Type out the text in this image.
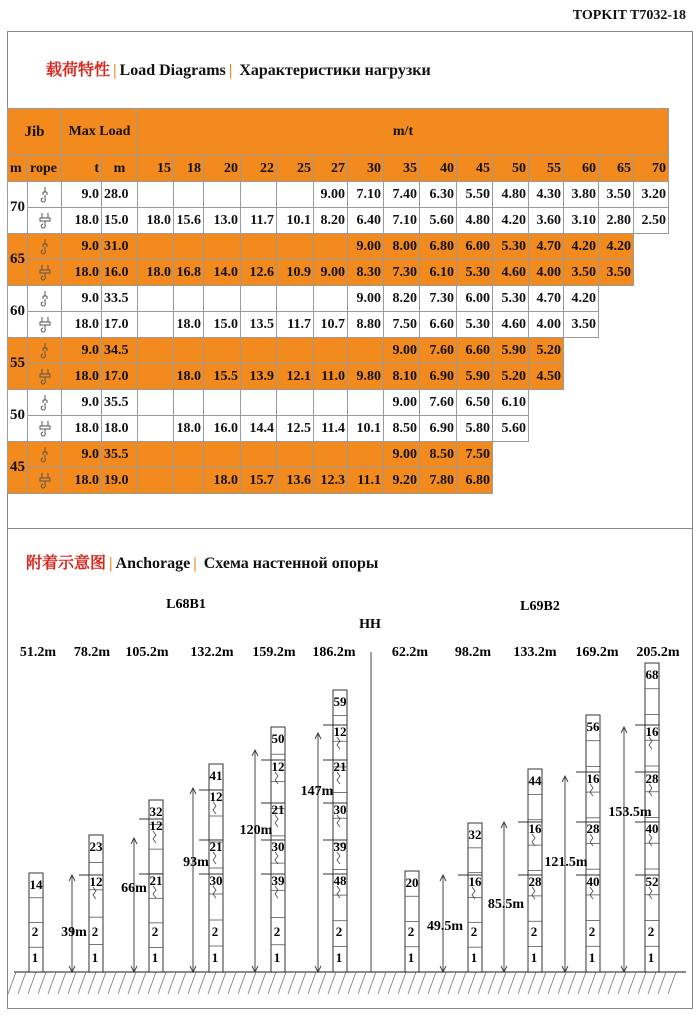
TOPKIT T7032-18
载荷特性 | Load Diagrams | Характеристики нагрузки
Jib		Max Load		m/t														
m	rope	t	m	15	18	20	22	25	27	30	35	40	45	50	55	60	65	70
70		9.0	28.0						9.00	7.10	7.40	6.30	5.50	4.80	4.30	3.80	3.50	3.20
	18.0	15.0	18.0	15.6	13.0	11.7	10.1	8.20	6.40	7.10	5.60	4.80	4.20	3.60	3.10	2.80	2.50
65		9.0	31.0							9.00	8.00	6.80	6.00	5.30	4.70	4.20	4.20	
	18.0	16.0	18.0	16.8	14.0	12.6	10.9	9.00	8.30	7.30	6.10	5.30	4.60	4.00	3.50	3.50	
60		9.0	33.5							9.00	8.20	7.30	6.00	5.30	4.70	4.20		
	18.0	17.0		18.0	15.0	13.5	11.7	10.7	8.80	7.50	6.60	5.30	4.60	4.00	3.50		
55		9.0	34.5								9.00	7.60	6.60	5.90	5.20			
	18.0	17.0		18.0	15.5	13.9	12.1	11.0	9.80	8.10	6.90	5.90	5.20	4.50			
50		9.0	35.5								9.00	7.60	6.50	6.10				
	18.0	18.0		18.0	16.0	14.4	12.5	11.4	10.1	8.50	6.90	5.80	5.60				
45		9.0	35.5								9.00	8.50	7.50					
	18.0	19.0			18.0	15.7	13.6	12.3	11.1	9.20	7.80	6.80					
附着示意图 | Anchorage | Схема настенной опоры
L68B1	L69B2
HH
51.2m 78.2m 105.2m 132.2m 159.2m 186.2m	62.2m 98.2m 133.2m 169.2m 205.2m
1
2
14
1
2
12
23
1
2
12
21
32
1
2
12
21
30
41
1
2
12
21
30
39
50
1
2
12
21
30
39
48
59
1
2
20
1
2
16
32
1
2
16
28
44
1
2
16
28
40
56
1
2
16
28
40
52
68
39m
66m
93m
120m
147m
49.5m
85.5m
121.5m
153.5m
